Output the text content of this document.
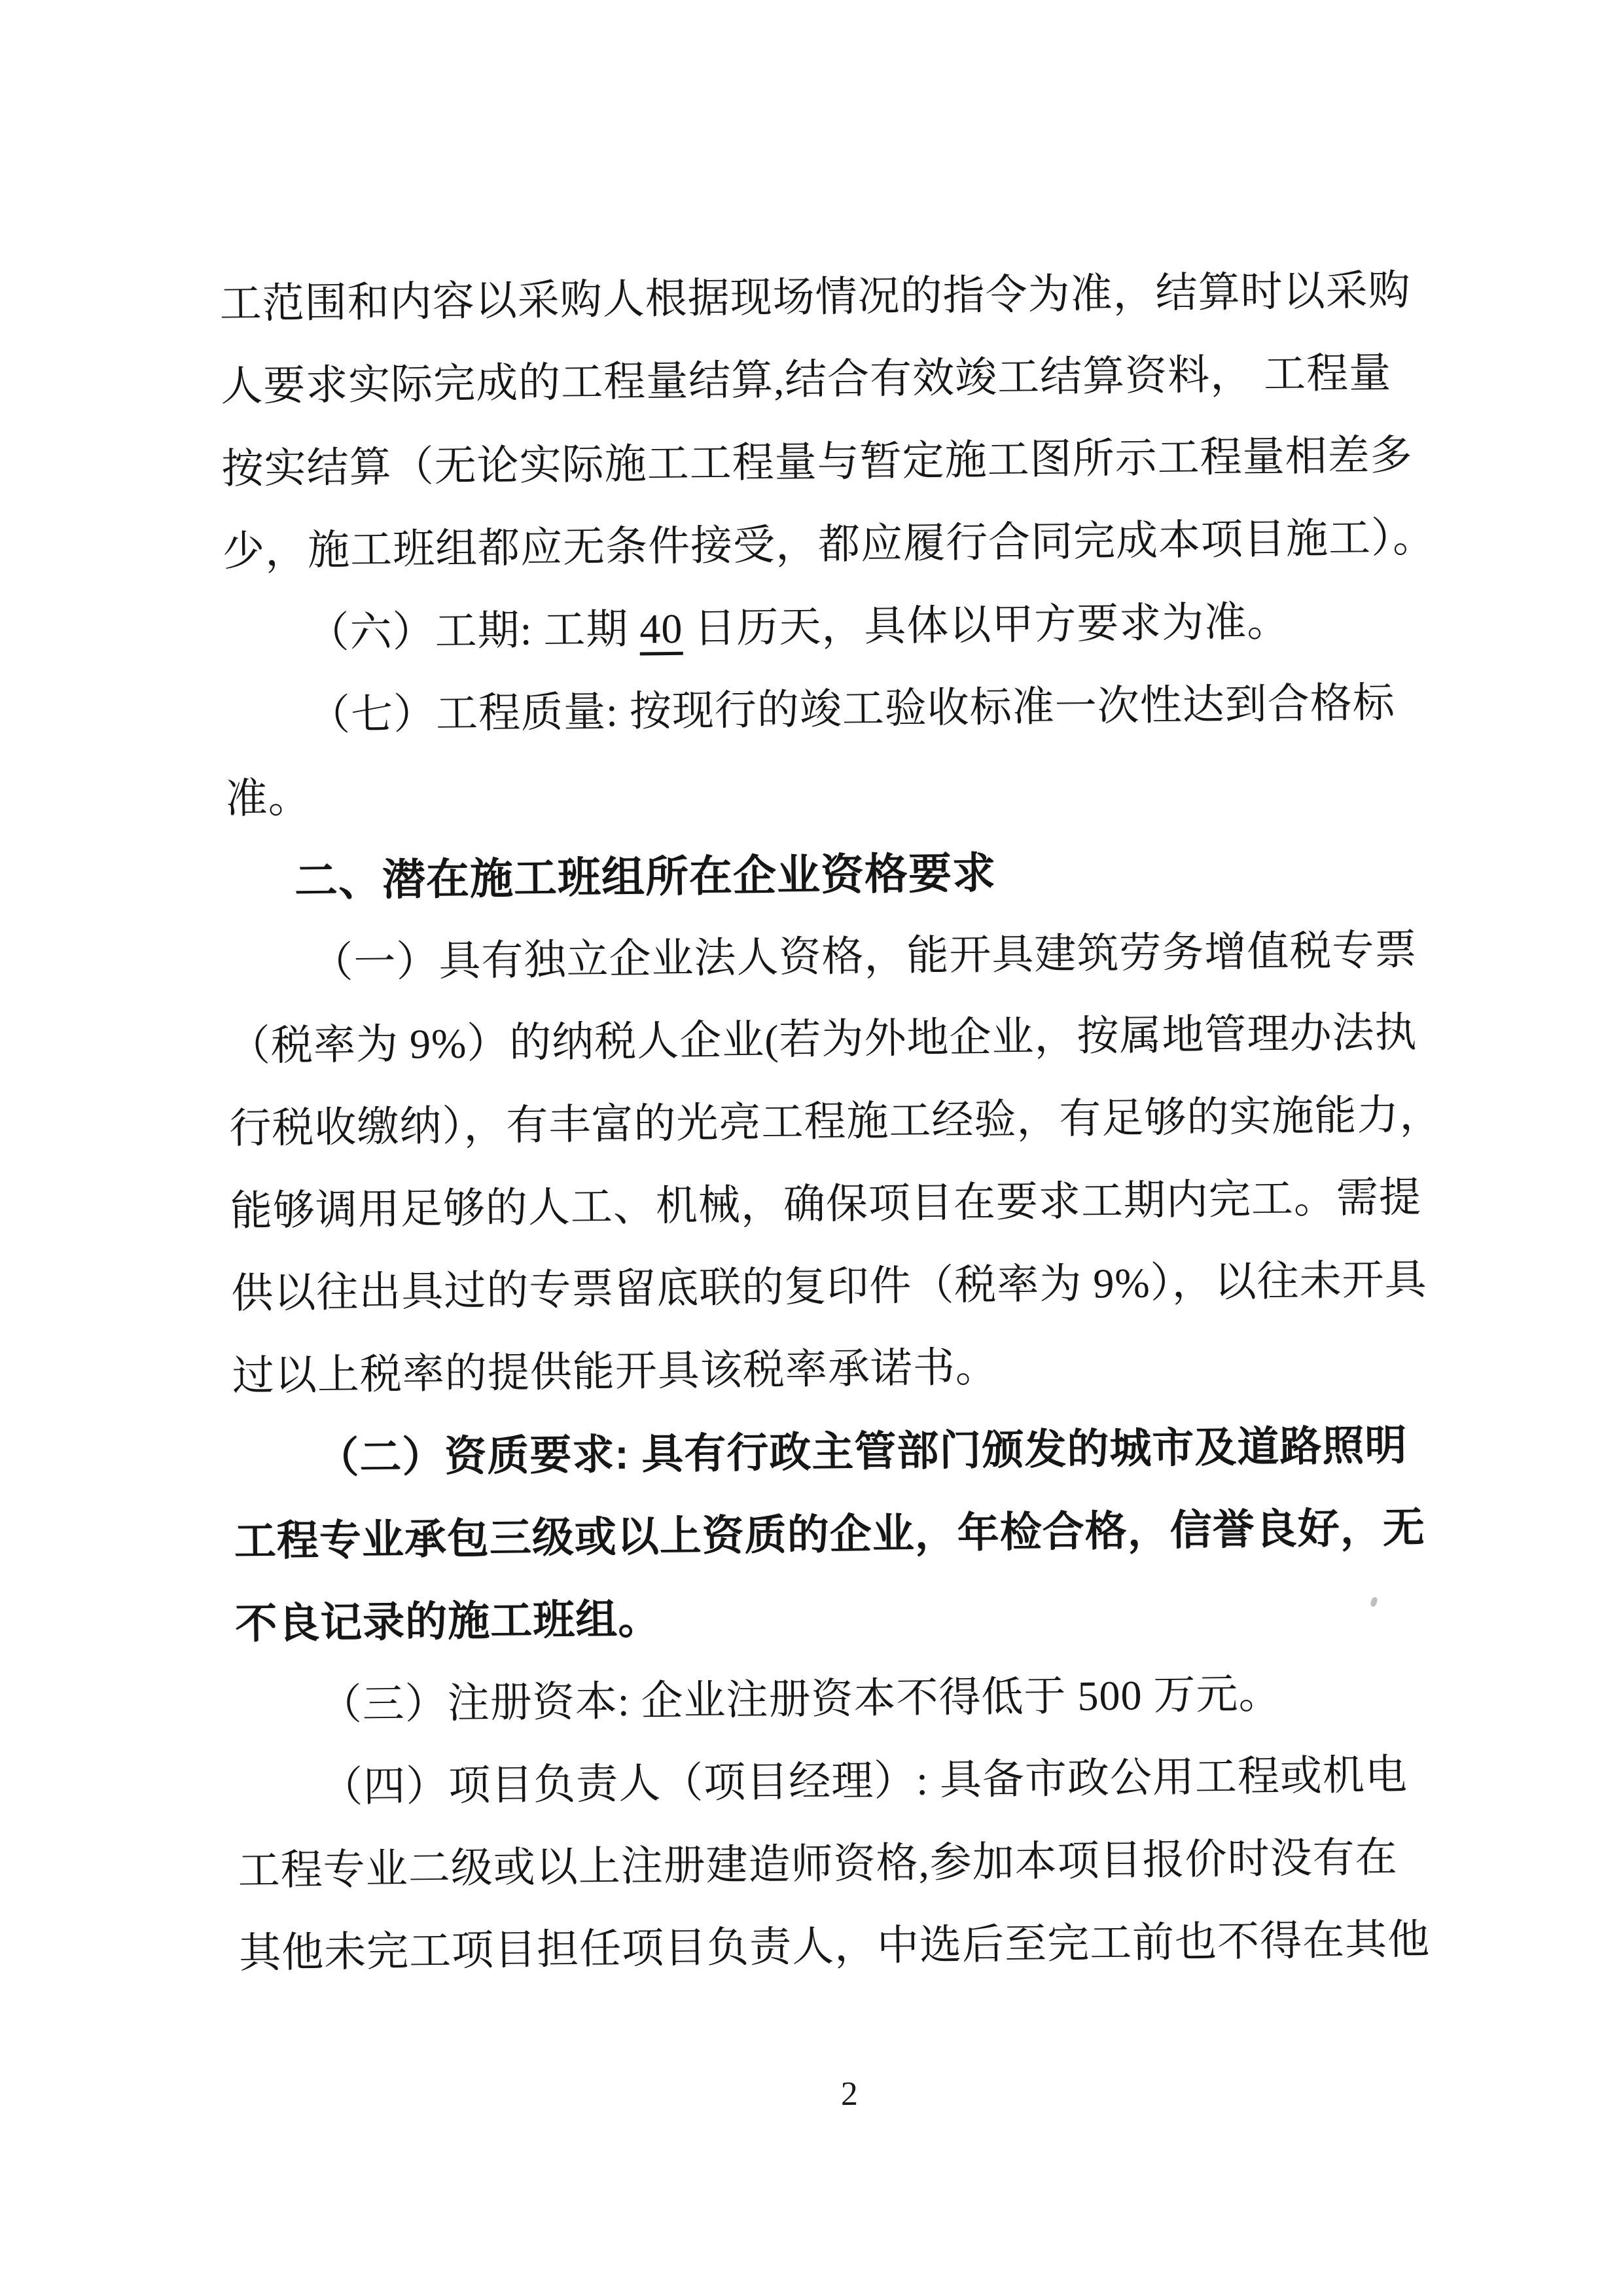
工范围和内容以采购人根据现场情况的指令为准，结算时以采购
人要求实际完成的工程量结算,结合有效竣工结算资料， 工程量
按实结算（无论实际施工工程量与暂定施工图所示工程量相差多
少，施工班组都应无条件接受，都应履行合同完成本项目施工）。
（六）工期: 工期 40 日历天，具体以甲方要求为准。
（七）工程质量: 按现行的竣工验收标准一次性达到合格标
准。
二、潜在施工班组所在企业资格要求
（一）具有独立企业法人资格，能开具建筑劳务增值税专票
（税率为 9%）的纳税人企业(若为外地企业，按属地管理办法执
行税收缴纳），有丰富的光亮工程施工经验，有足够的实施能力，
能够调用足够的人工、机械，确保项目在要求工期内完工。需提
供以往出具过的专票留底联的复印件（税率为 9%），以往未开具
过以上税率的提供能开具该税率承诺书。
（二）资质要求: 具有行政主管部门颁发的城市及道路照明
工程专业承包三级或以上资质的企业，年检合格，信誉良好，无
不良记录的施工班组。
（三）注册资本: 企业注册资本不得低于 500 万元。
（四）项目负责人（项目经理）: 具备市政公用工程或机电
工程专业二级或以上注册建造师资格,参加本项目报价时没有在
其他未完工项目担任项目负责人，中选后至完工前也不得在其他
2
